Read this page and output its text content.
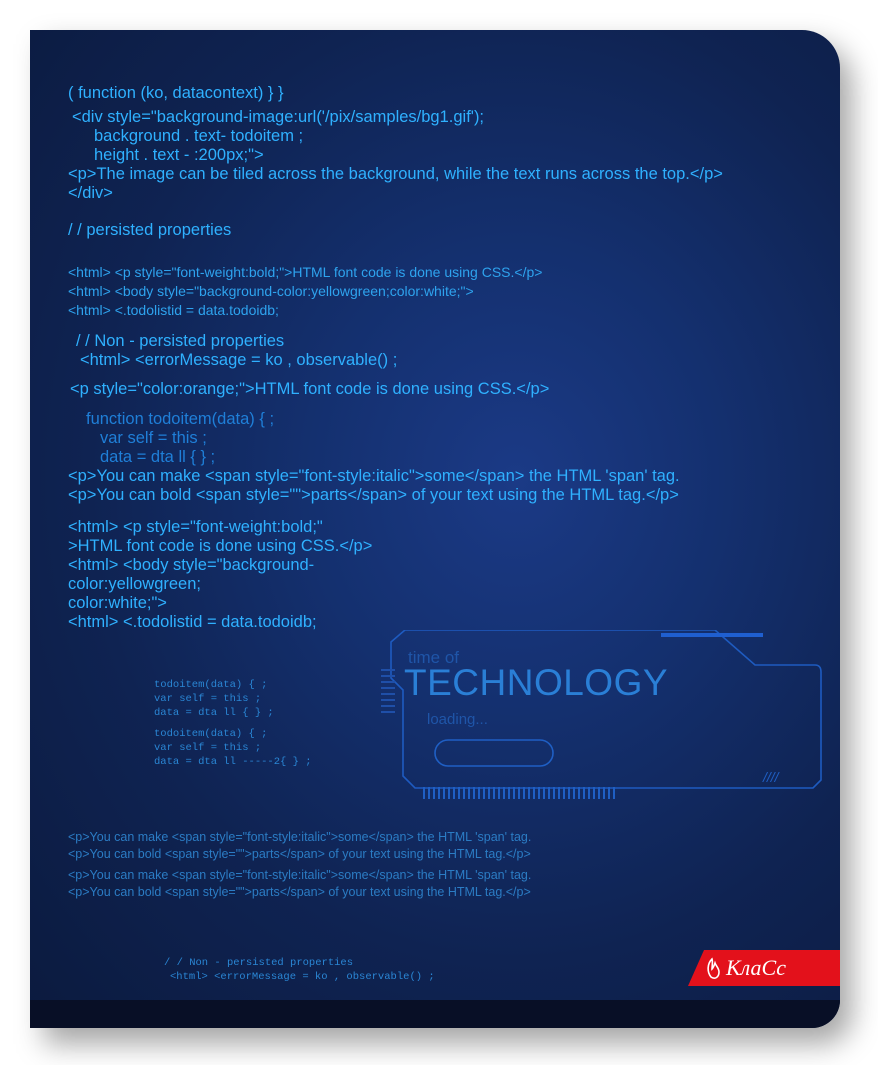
( function (ko, datacontext) } }
<div style="background-image:url('/pix/samples/bg1.gif');
background . text- todoitem ;
height . text - :200px;">
<p>The image can be tiled across the background, while the text runs across the top.</p>
</div>
/ / persisted properties
<html> <p style="font-weight:bold;">HTML font code is done using CSS.</p>
<html> <body style="background-color:yellowgreen;color:white;">
<html> <.todolistid = data.todoidb;
/ / Non - persisted properties
<html> <errorMessage = ko , observable() ;
<p style="color:orange;">HTML font code is done using CSS.</p>
function todoitem(data) { ;
var self = this ;
data = dta ll { } ;
<p>You can make <span style="font-style:italic">some</span> the HTML 'span' tag.
<p>You can bold <span style="">parts</span> of your text using the HTML tag.</p>
<html> <p style="font-weight:bold;"
>HTML font code is done using CSS.</p>
<html> <body style="background-
color:yellowgreen;
color:white;">
<html> <.todolistid = data.todoidb;
todoitem(data) { ;
var self = this ;
data = dta ll { } ;
todoitem(data) { ;
var self = this ;
data = dta ll -----2{ } ;
<p>You can make <span style="font-style:italic">some</span> the HTML 'span' tag.
<p>You can bold <span style="">parts</span> of your text using the HTML tag.</p>
<p>You can make <span style="font-style:italic">some</span> the HTML 'span' tag.
<p>You can bold <span style="">parts</span> of your text using the HTML tag.</p>
/ / Non - persisted properties
<html> <errorMessage = ko , observable() ;
////
time of
TECHNOLOGY
loading...
КлаСс
